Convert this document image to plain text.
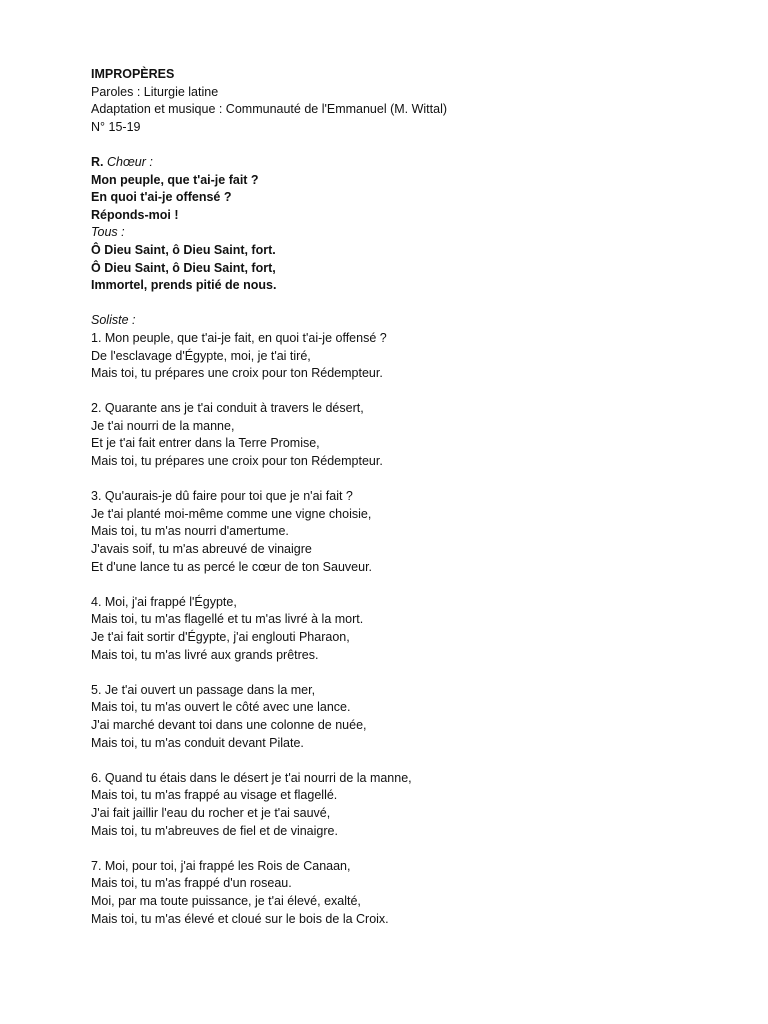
IMPROPÈRES
Paroles : Liturgie latine
Adaptation et musique : Communauté de l'Emmanuel (M. Wittal)
N° 15-19
R. Chœur :
Mon peuple, que t'ai-je fait ?
En quoi t'ai-je offensé ?
Réponds-moi !
Tous :
Ô Dieu Saint, ô Dieu Saint, fort.
Ô Dieu Saint, ô Dieu Saint, fort,
Immortel, prends pitié de nous.
Soliste :
1. Mon peuple, que t'ai-je fait, en quoi t'ai-je offensé ?
De l'esclavage d'Égypte, moi, je t'ai tiré,
Mais toi, tu prépares une croix pour ton Rédempteur.
2. Quarante ans je t'ai conduit à travers le désert,
Je t'ai nourri de la manne,
Et je t'ai fait entrer dans la Terre Promise,
Mais toi, tu prépares une croix pour ton Rédempteur.
3. Qu'aurais-je dû faire pour toi que je n'ai fait ?
Je t'ai planté moi-même comme une vigne choisie,
Mais toi, tu m'as nourri d'amertume.
J'avais soif, tu m'as abreuvé de vinaigre
Et d'une lance tu as percé le cœur de ton Sauveur.
4. Moi, j'ai frappé l'Égypte,
Mais toi, tu m'as flagellé et tu m'as livré à la mort.
Je t'ai fait sortir d'Égypte, j'ai englouti Pharaon,
Mais toi, tu m'as livré aux grands prêtres.
5. Je t'ai ouvert un passage dans la mer,
Mais toi, tu m'as ouvert le côté avec une lance.
J'ai marché devant toi dans une colonne de nuée,
Mais toi, tu m'as conduit devant Pilate.
6. Quand tu étais dans le désert je t'ai nourri de la manne,
Mais toi, tu m'as frappé au visage et flagellé.
J'ai fait jaillir l'eau du rocher et je t'ai sauvé,
Mais toi, tu m'abreuves de fiel et de vinaigre.
7. Moi, pour toi, j'ai frappé les Rois de Canaan,
Mais toi, tu m'as frappé d'un roseau.
Moi, par ma toute puissance, je t'ai élevé, exalté,
Mais toi, tu m'as élevé et cloué sur le bois de la Croix.
